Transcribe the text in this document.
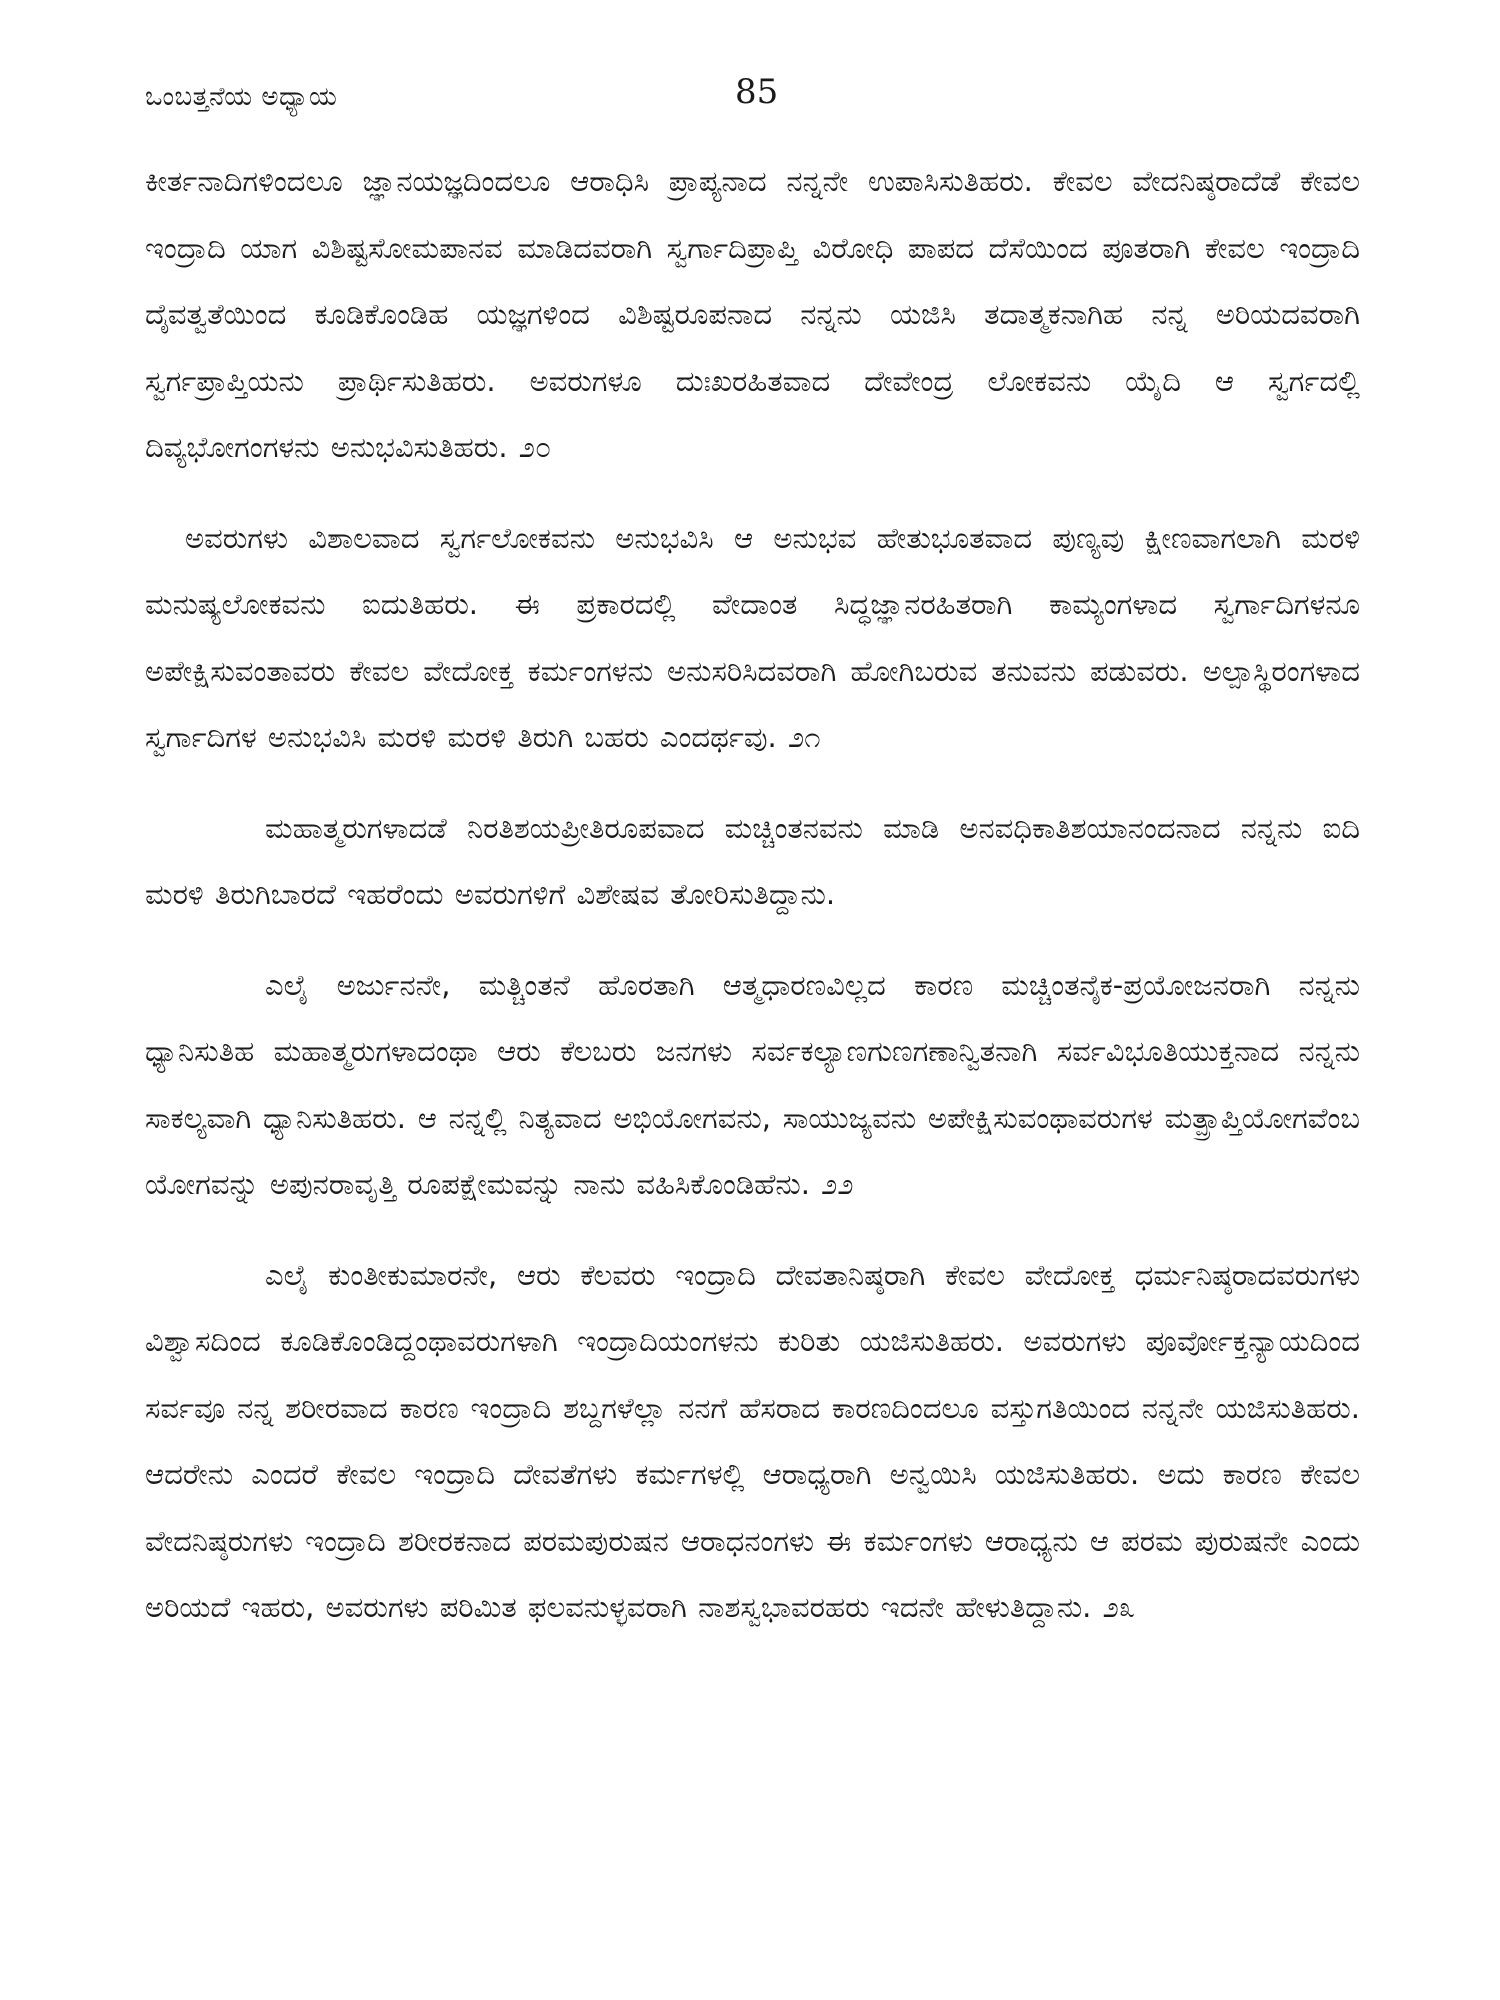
ಒಂಬತ್ತನೆಯ ಅಧ್ಯಾಯ	85

ಕೀರ್ತನಾದಿಗಳಿಂದಲೂ ಜ್ಞಾನಯಜ್ಞದಿಂದಲೂ ಆರಾಧಿಸಿ ಪ್ರಾಪ್ಯನಾದ ನನ್ನನೇ ಉಪಾಸಿಸುತಿಹರು. ಕೇವಲ ವೇದನಿಷ್ಠರಾದೆಡೆ ಕೇವಲ ಇಂದ್ರಾದಿ ಯಾಗ ವಿಶಿಷ್ಟಸೋಮಪಾನವ ಮಾಡಿದವರಾಗಿ ಸ್ವರ್ಗಾದಿಪ್ರಾಪ್ತಿ ವಿರೋಧಿ ಪಾಪದ ದೆಸೆಯಿಂದ ಪೂತರಾಗಿ ಕೇವಲ ಇಂದ್ರಾದಿ ದೈವತ್ವತೆಯಿಂದ ಕೂಡಿಕೊಂಡಿಹ ಯಜ್ಞಗಳಿಂದ ವಿಶಿಷ್ಟರೂಪನಾದ ನನ್ನನು ಯಜಿಸಿ ತದಾತ್ಮಕನಾಗಿಹ ನನ್ನ ಅರಿಯದವರಾಗಿ ಸ್ವರ್ಗಪ್ರಾಪ್ತಿಯನು ಪ್ರಾರ್ಥಿಸುತಿಹರು. ಅವರುಗಳೂ ದುಃಖರಹಿತವಾದ ದೇವೇಂದ್ರ ಲೋಕವನು ಯೈದಿ ಆ ಸ್ವರ್ಗದಲ್ಲಿ ದಿವ್ಯಭೋಗಂಗಳನು ಅನುಭವಿಸುತಿಹರು. ೨೦

ಅವರುಗಳು ವಿಶಾಲವಾದ ಸ್ವರ್ಗಲೋಕವನು ಅನುಭವಿಸಿ ಆ ಅನುಭವ ಹೇತುಭೂತವಾದ ಪುಣ್ಯವು ಕ್ಷೀಣವಾಗಲಾಗಿ ಮರಳಿ ಮನುಷ್ಯಲೋಕವನು ಐದುತಿಹರು. ಈ ಪ್ರಕಾರದಲ್ಲಿ ವೇದಾಂತ ಸಿದ್ಧಜ್ಞಾನರಹಿತರಾಗಿ ಕಾಮ್ಯಂಗಳಾದ ಸ್ವರ್ಗಾದಿಗಳನೂ ಅಪೇಕ್ಷಿಸುವಂತಾವರು ಕೇವಲ ವೇದೋಕ್ತ ಕರ್ಮಂಗಳನು ಅನುಸರಿಸಿದವರಾಗಿ ಹೋಗಿಬರುವ ತನುವನು ಪಡುವರು. ಅಲ್ಪಾಸ್ಥಿರಂಗಳಾದ ಸ್ವರ್ಗಾದಿಗಳ ಅನುಭವಿಸಿ ಮರಳಿ ಮರಳಿ ತಿರುಗಿ ಬಹರು ಎಂದರ್ಥವು. ೨೧

ಮಹಾತ್ಮರುಗಳಾದಡೆ ನಿರತಿಶಯಪ್ರೀತಿರೂಪವಾದ ಮಚ್ಚಿಂತನವನು ಮಾಡಿ ಅನವಧಿಕಾತಿಶಯಾನಂದನಾದ ನನ್ನನು ಐದಿ ಮರಳಿ ತಿರುಗಿಬಾರದೆ ಇಹರೆಂದು ಅವರುಗಳಿಗೆ ವಿಶೇಷವ ತೋರಿಸುತಿದ್ದಾನು.

ಎಲೈ ಅರ್ಜುನನೇ, ಮತ್ಚಿಂತನೆ ಹೊರತಾಗಿ ಆತ್ಮಧಾರಣವಿಲ್ಲದ ಕಾರಣ ಮಚ್ಚಿಂತನೈಕ-ಪ್ರಯೋಜನರಾಗಿ ನನ್ನನು ಧ್ಯಾನಿಸುತಿಹ ಮಹಾತ್ಮರುಗಳಾದಂಥಾ ಆರು ಕೆಲಬರು ಜನಗಳು ಸರ್ವಕಲ್ಯಾಣಗುಣಗಣಾನ್ವಿತನಾಗಿ ಸರ್ವವಿಭೂತಿಯುಕ್ತನಾದ ನನ್ನನು ಸಾಕಲ್ಯವಾಗಿ ಧ್ಯಾನಿಸುತಿಹರು. ಆ ನನ್ನಲ್ಲಿ ನಿತ್ಯವಾದ ಅಭಿಯೋಗವನು, ಸಾಯುಜ್ಯವನು ಅಪೇಕ್ಷಿಸುವಂಥಾವರುಗಳ ಮತ್ಪ್ರಾಪ್ತಿಯೋಗವೆಂಬ ಯೋಗವನ್ನು ಅಪುನರಾವೃತ್ತಿ ರೂಪಕ್ಷೇಮವನ್ನು ನಾನು ವಹಿಸಿಕೊಂಡಿಹೆನು. ೨೨

ಎಲೈ ಕುಂತೀಕುಮಾರನೇ, ಆರು ಕೆಲವರು ಇಂದ್ರಾದಿ ದೇವತಾನಿಷ್ಠರಾಗಿ ಕೇವಲ ವೇದೋಕ್ತ ಧರ್ಮನಿಷ್ಠರಾದವರುಗಳು ವಿಶ್ವಾಸದಿಂದ ಕೂಡಿಕೊಂಡಿದ್ದಂಥಾವರುಗಳಾಗಿ ಇಂದ್ರಾದಿಯಂಗಳನು ಕುರಿತು ಯಜಿಸುತಿಹರು. ಅವರುಗಳು ಪೂರ್ವೋಕ್ತನ್ಯಾಯದಿಂದ ಸರ್ವವೂ ನನ್ನ ಶರೀರವಾದ ಕಾರಣ ಇಂದ್ರಾದಿ ಶಬ್ದಗಳೆಲ್ಲಾ ನನಗೆ ಹೆಸರಾದ ಕಾರಣದಿಂದಲೂ ವಸ್ತುಗತಿಯಿಂದ ನನ್ನನೇ ಯಜಿಸುತಿಹರು. ಆದರೇನು ಎಂದರೆ ಕೇವಲ ಇಂದ್ರಾದಿ ದೇವತೆಗಳು ಕರ್ಮಗಳಲ್ಲಿ ಆರಾಧ್ಯರಾಗಿ ಅನ್ವಯಿಸಿ ಯಜಿಸುತಿಹರು. ಅದು ಕಾರಣ ಕೇವಲ ವೇದನಿಷ್ಠರುಗಳು ಇಂದ್ರಾದಿ ಶರೀರಕನಾದ ಪರಮಪುರುಷನ ಆರಾಧನಂಗಳು ಈ ಕರ್ಮಂಗಳು ಆರಾಧ್ಯನು ಆ ಪರಮ ಪುರುಷನೇ ಎಂದು ಅರಿಯದೆ ಇಹರು, ಅವರುಗಳು ಪರಿಮಿತ ಫಲವನುಳ್ಳವರಾಗಿ ನಾಶಸ್ವಭಾವರಹರು ಇದನೇ ಹೇಳುತಿದ್ದಾನು. ೨೩
